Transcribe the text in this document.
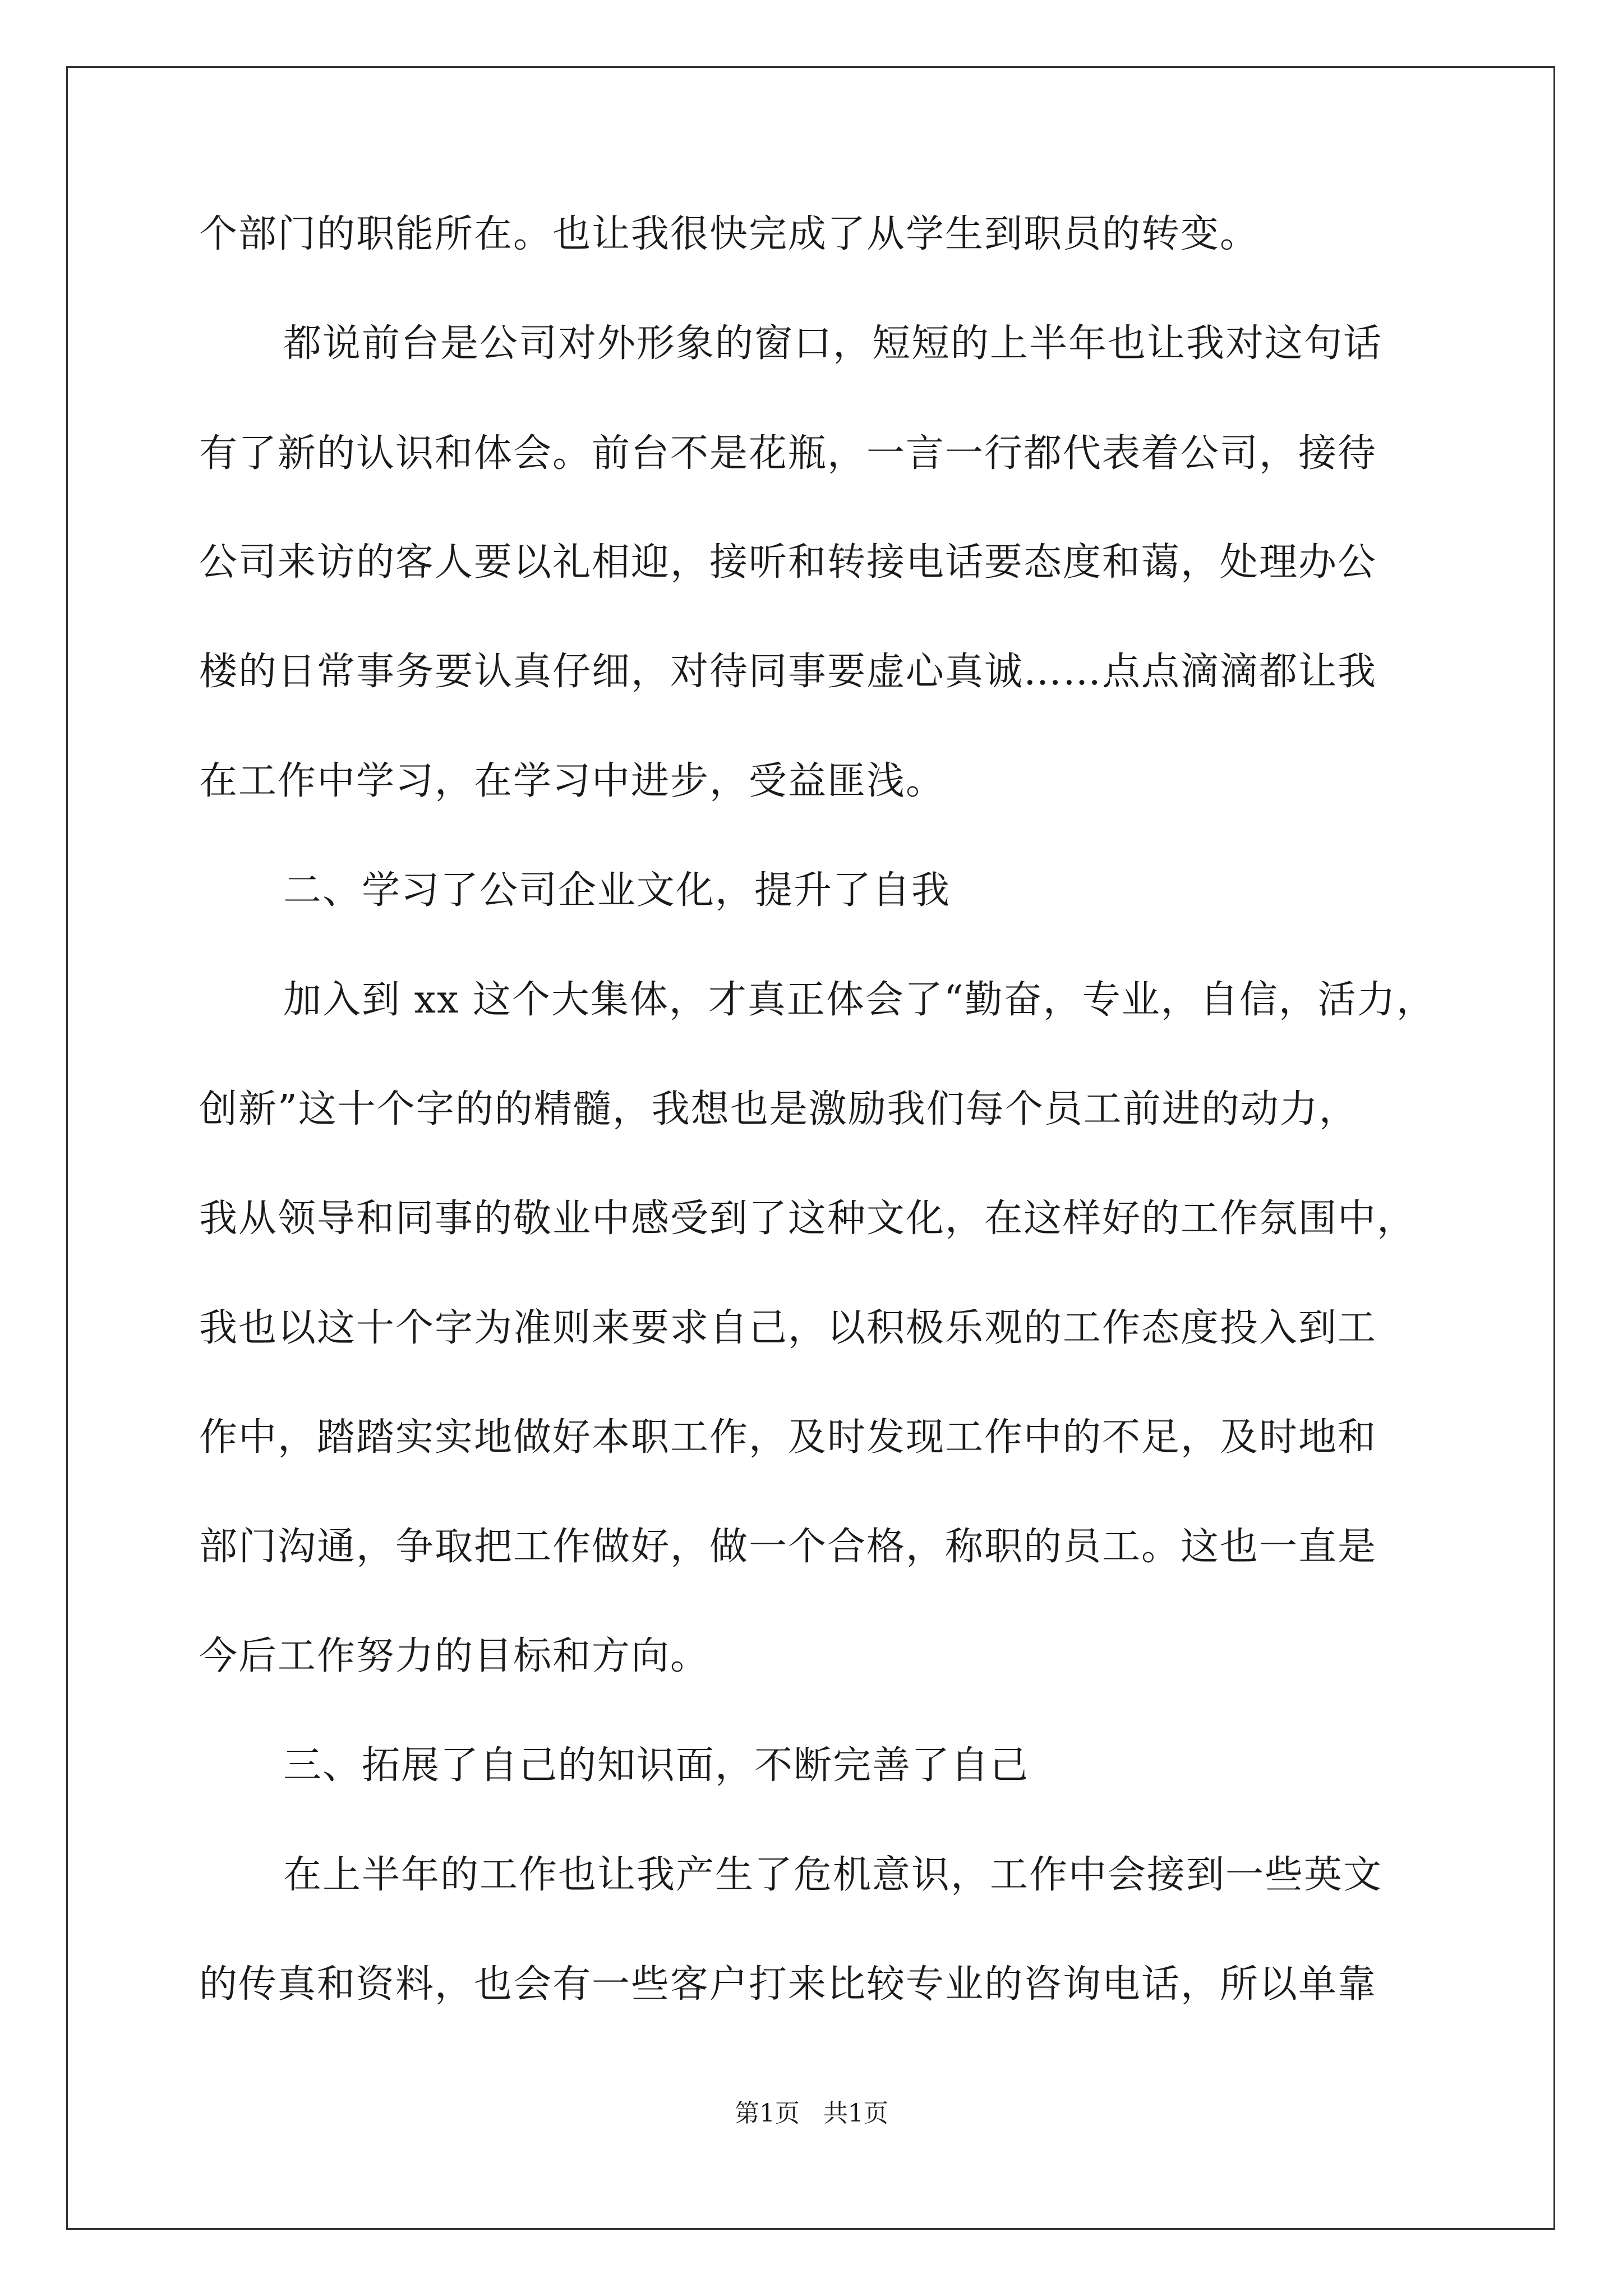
个部门的职能所在。也让我很快完成了从学生到职员的转变。
都说前台是公司对外形象的窗口，短短的上半年也让我对这句话
有了新的认识和体会。前台不是花瓶，一言一行都代表着公司，接待
公司来访的客人要以礼相迎，接听和转接电话要态度和蔼，处理办公
楼的日常事务要认真仔细，对待同事要虚心真诚……点点滴滴都让我
在工作中学习，在学习中进步，受益匪浅。
二、学习了公司企业文化，提升了自我
加入到 xx 这个大集体，才真正体会了“勤奋，专业，自信，活力，
创新”这十个字的的精髓，我想也是激励我们每个员工前进的动力，
我从领导和同事的敬业中感受到了这种文化，在这样好的工作氛围中，
我也以这十个字为准则来要求自己，以积极乐观的工作态度投入到工
作中，踏踏实实地做好本职工作，及时发现工作中的不足，及时地和
部门沟通，争取把工作做好，做一个合格，称职的员工。这也一直是
今后工作努力的目标和方向。
三、拓展了自己的知识面，不断完善了自己
在上半年的工作也让我产生了危机意识，工作中会接到一些英文
的传真和资料，也会有一些客户打来比较专业的咨询电话，所以单靠
第1页   共1页
